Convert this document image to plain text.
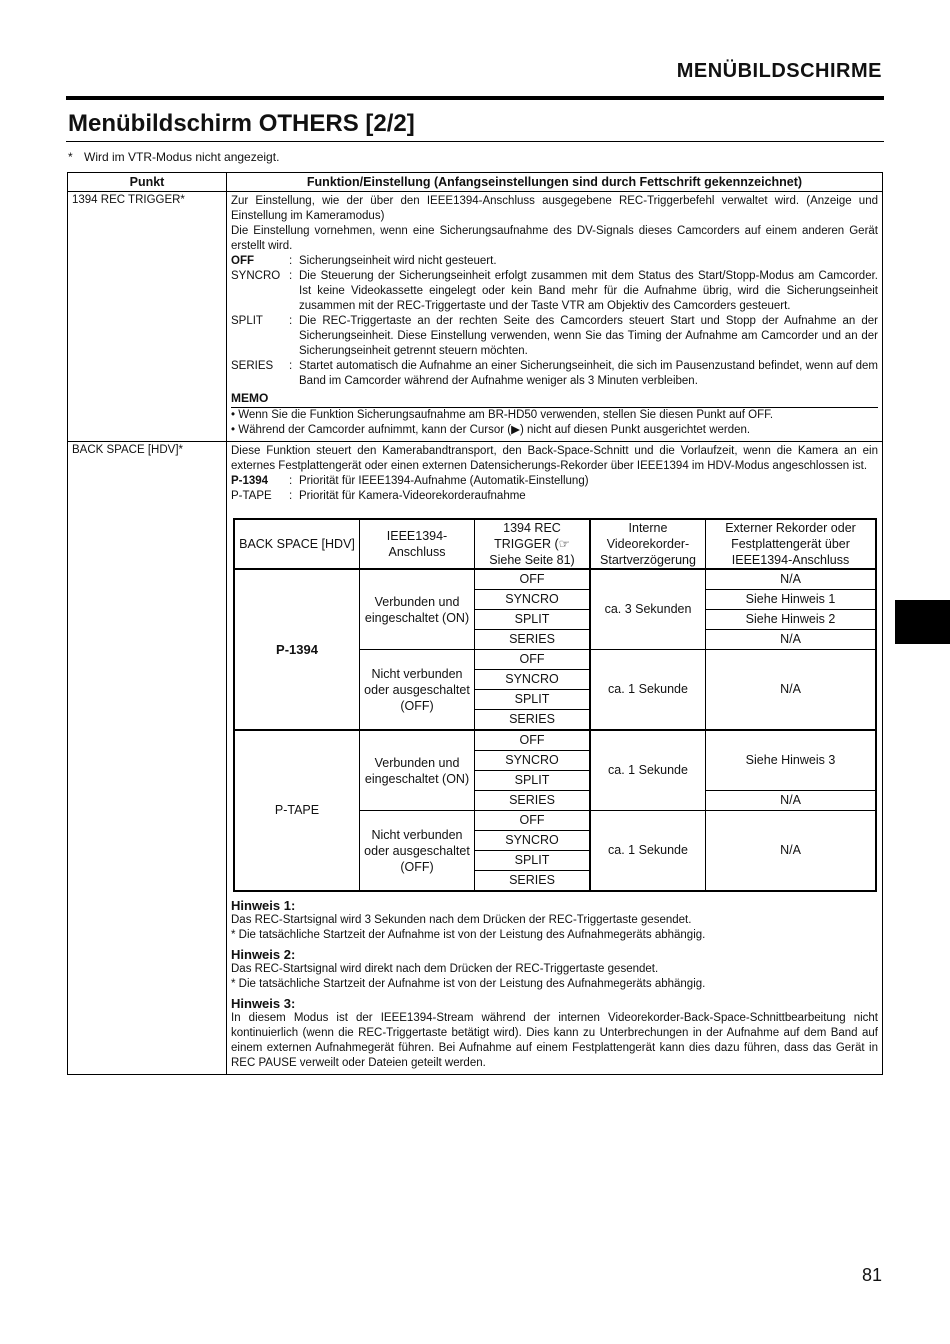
MENÜBILDSCHIRME
Menübildschirm OTHERS [2/2]
* Wird im VTR-Modus nicht angezeigt.
Punkt	Funktion/Einstellung (Anfangseinstellungen sind durch Fettschrift gekennzeichnet)
1394 REC TRIGGER*	Zur Einstellung, wie der über den IEEE1394-Anschluss ausgegebene REC-Triggerbefehl verwaltet wird. (Anzeige und Einstellung im Kameramodus)
Die Einstellung vornehmen, wenn eine Sicherungsaufnahme des DV-Signals dieses Camcorders auf einem anderen Gerät erstellt wird.
OFF	: Sicherungseinheit wird nicht gesteuert.
SYNCRO : Die Steuerung der Sicherungseinheit erfolgt zusammen mit dem Status des Start/Stopp-Modus am Camcorder. Ist keine Videokassette eingelegt oder kein Band mehr für die Aufnahme übrig, wird die Sicherungseinheit zusammen mit der REC-Triggertaste und der Taste VTR am Objektiv des Camcorders gesteuert.
SPLIT	: Die REC-Triggertaste an der rechten Seite des Camcorders steuert Start und Stopp der Aufnahme an der Sicherungseinheit. Diese Einstellung verwenden, wenn Sie das Timing der Aufnahme am Camcorder und an der Sicherungseinheit getrennt steuern möchten.
SERIES	: Startet automatisch die Aufnahme an einer Sicherungseinheit, die sich im Pausenzustand befindet, wenn auf dem Band im Camcorder während der Aufnahme weniger als 3 Minuten verbleiben.
MEMO
• Wenn Sie die Funktion Sicherungsaufnahme am BR-HD50 verwenden, stellen Sie diesen Punkt auf OFF.
• Während der Camcorder aufnimmt, kann der Cursor (▶) nicht auf diesen Punkt ausgerichtet werden.

BACK SPACE [HDV]*	Diese Funktion steuert den Kamerabandtransport, den Back-Space-Schnitt und die Vorlaufzeit, wenn die Kamera an ein externes Festplattengerät oder einen externen Datensicherungs-Rekorder über IEEE1394 im HDV-Modus angeschlossen ist.
P-1394	: Priorität für IEEE1394-Aufnahme (Automatik-Einstellung)
P-TAPE	: Priorität für Kamera-Videorekorderaufnahme
BACK SPACE [HDV]	IEEE1394-Anschluss	1394 REC TRIGGER (☞ Siehe Seite 81)	Interne Videorekorder-Startverzögerung	Externer Rekorder oder Festplattengerät über IEEE1394-Anschluss
P-1394	Verbunden und eingeschaltet (ON)	OFF	ca. 3 Sekunden	N/A
SYNCRO	Siehe Hinweis 1
SPLIT	Siehe Hinweis 2
SERIES	N/A
Nicht verbunden oder ausgeschaltet (OFF)	OFF	ca. 1 Sekunde	N/A
SYNCRO
SPLIT
SERIES
P-TAPE	Verbunden und eingeschaltet (ON)	OFF	ca. 1 Sekunde	Siehe Hinweis 3
SYNCRO
SPLIT
SERIES	N/A
Nicht verbunden oder ausgeschaltet (OFF)	OFF	ca. 1 Sekunde	N/A
SYNCRO
SPLIT
SERIES
Hinweis 1:
Das REC-Startsignal wird 3 Sekunden nach dem Drücken der REC-Triggertaste gesendet.
* Die tatsächliche Startzeit der Aufnahme ist von der Leistung des Aufnahmegeräts abhängig.
Hinweis 2:
Das REC-Startsignal wird direkt nach dem Drücken der REC-Triggertaste gesendet.
* Die tatsächliche Startzeit der Aufnahme ist von der Leistung des Aufnahmegeräts abhängig.
Hinweis 3:
In diesem Modus ist der IEEE1394-Stream während der internen Videorekorder-Back-Space-Schnittbearbeitung nicht kontinuierlich (wenn die REC-Triggertaste betätigt wird). Dies kann zu Unterbrechungen in der Aufnahme auf dem Band auf einem externen Aufnahmegerät führen. Bei Aufnahme auf einem Festplattengerät kann dies dazu führen, dass das Gerät in REC PAUSE verweilt oder Dateien geteilt werden.
81
